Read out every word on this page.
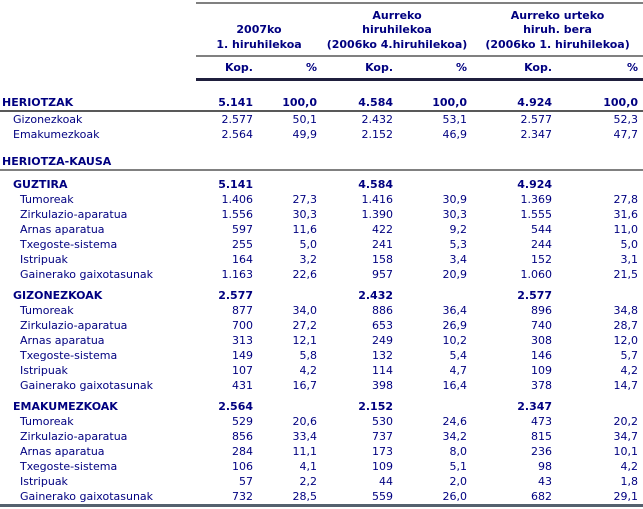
2007ko
1. hiruhilekoa

Aurreko hiruhilekoa
(2006ko 4.hiruhilekoa)

Aurreko urteko hiruh. bera
(2006ko 1. hiruhilekoa)

	Kop.	%	Kop.	%	Kop.	%
HERIOTZAK	5.141	100,0	4.584	100,0	4.924	100,0
Gizonezkoak	2.577	50,1	2.432	53,1	2.577	52,3
Emakumezkoak	2.564	49,9	2.152	46,9	2.347	47,7
HERIOTZA-KAUSA						
GUZTIRA	5.141		4.584		4.924	
Tumoreak	1.406	27,3	1.416	30,9	1.369	27,8
Zirkulazio-aparatua	1.556	30,3	1.390	30,3	1.555	31,6
Arnas aparatua	597	11,6	422	9,2	544	11,0
Txegoste-sistema	255	5,0	241	5,3	244	5,0
Istripuak	164	3,2	158	3,4	152	3,1
Gainerako gaixotasunak	1.163	22,6	957	20,9	1.060	21,5
GIZONEZKOAK	2.577		2.432		2.577	
Tumoreak	877	34,0	886	36,4	896	34,8
Zirkulazio-aparatua	700	27,2	653	26,9	740	28,7
Arnas aparatua	313	12,1	249	10,2	308	12,0
Txegoste-sistema	149	5,8	132	5,4	146	5,7
Istripuak	107	4,2	114	4,7	109	4,2
Gainerako gaixotasunak	431	16,7	398	16,4	378	14,7
EMAKUMEZKOAK	2.564		2.152		2.347	
Tumoreak	529	20,6	530	24,6	473	20,2
Zirkulazio-aparatua	856	33,4	737	34,2	815	34,7
Arnas aparatua	284	11,1	173	8,0	236	10,1
Txegoste-sistema	106	4,1	109	5,1	98	4,2
Istripuak	57	2,2	44	2,0	43	1,8
Gainerako gaixotasunak	732	28,5	559	26,0	682	29,1
